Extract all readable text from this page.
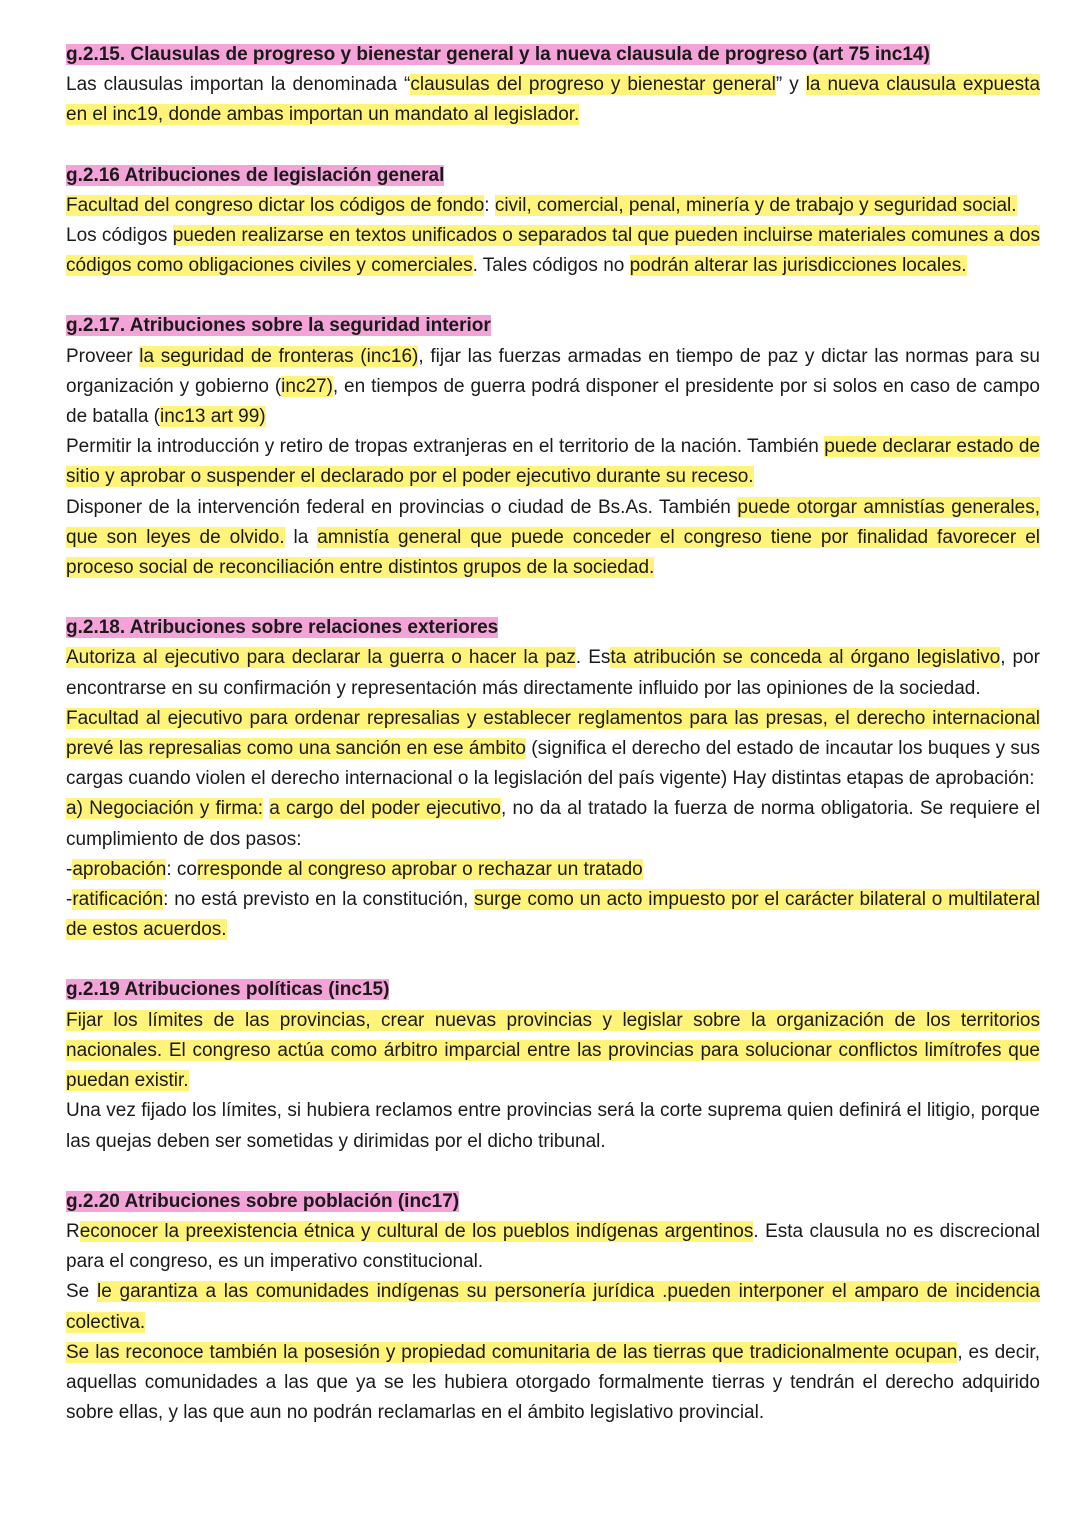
g.2.15. Clausulas de progreso y bienestar general y la nueva clausula de progreso (art 75 inc14)

Las clausulas importan la denominada “clausulas del progreso y bienestar general” y la nueva clausula expuesta en el inc19, donde ambas importan un mandato al legislador.

g.2.16 Atribuciones de legislación general

Facultad del congreso dictar los códigos de fondo: civil, comercial, penal, minería y de trabajo y seguridad social.

Los códigos pueden realizarse en textos unificados o separados tal que pueden incluirse materiales comunes a dos códigos como obligaciones civiles y comerciales. Tales códigos no podrán alterar las jurisdicciones locales.

g.2.17. Atribuciones sobre la seguridad interior

Proveer la seguridad de fronteras (inc16), fijar las fuerzas armadas en tiempo de paz y dictar las normas para su organización y gobierno (inc27), en tiempos de guerra podrá disponer el presidente por si solos en caso de campo de batalla (inc13 art 99)

Permitir la introducción y retiro de tropas extranjeras en el territorio de la nación. También puede declarar estado de sitio y aprobar o suspender el declarado por el poder ejecutivo durante su receso.

Disponer de la intervención federal en provincias o ciudad de Bs.As. También puede otorgar amnistías generales, que son leyes de olvido. la amnistía general que puede conceder el congreso tiene por finalidad favorecer el proceso social de reconciliación entre distintos grupos de la sociedad.

g.2.18. Atribuciones sobre relaciones exteriores

Autoriza al ejecutivo para declarar la guerra o hacer la paz. Esta atribución se conceda al órgano legislativo, por encontrarse en su confirmación y representación más directamente influido por las opiniones de la sociedad.

Facultad al ejecutivo para ordenar represalias y establecer reglamentos para las presas, el derecho internacional prevé las represalias como una sanción en ese ámbito (significa el derecho del estado de incautar los buques y sus cargas cuando violen el derecho internacional o la legislación del país vigente) Hay distintas etapas de aprobación:

a) Negociación y firma: a cargo del poder ejecutivo, no da al tratado la fuerza de norma obligatoria. Se requiere el cumplimiento de dos pasos:

-aprobación: corresponde al congreso aprobar o rechazar un tratado

-ratificación: no está previsto en la constitución, surge como un acto impuesto por el carácter bilateral o multilateral de estos acuerdos.

g.2.19 Atribuciones políticas (inc15)

Fijar los límites de las provincias, crear nuevas provincias y legislar sobre la organización de los territorios nacionales. El congreso actúa como árbitro imparcial entre las provincias para solucionar conflictos limítrofes que puedan existir.

Una vez fijado los límites, si hubiera reclamos entre provincias será la corte suprema quien definirá el litigio, porque las quejas deben ser sometidas y dirimidas por el dicho tribunal.

g.2.20 Atribuciones sobre población (inc17)

Reconocer la preexistencia étnica y cultural de los pueblos indígenas argentinos. Esta clausula no es discrecional para el congreso, es un imperativo constitucional.

Se le garantiza a las comunidades indígenas su personería jurídica .pueden interponer el amparo de incidencia colectiva.

Se las reconoce también la posesión y propiedad comunitaria de las tierras que tradicionalmente ocupan, es decir, aquellas comunidades a las que ya se les hubiera otorgado formalmente tierras y tendrán el derecho adquirido sobre ellas, y las que aun no podrán reclamarlas en el ámbito legislativo provincial.
